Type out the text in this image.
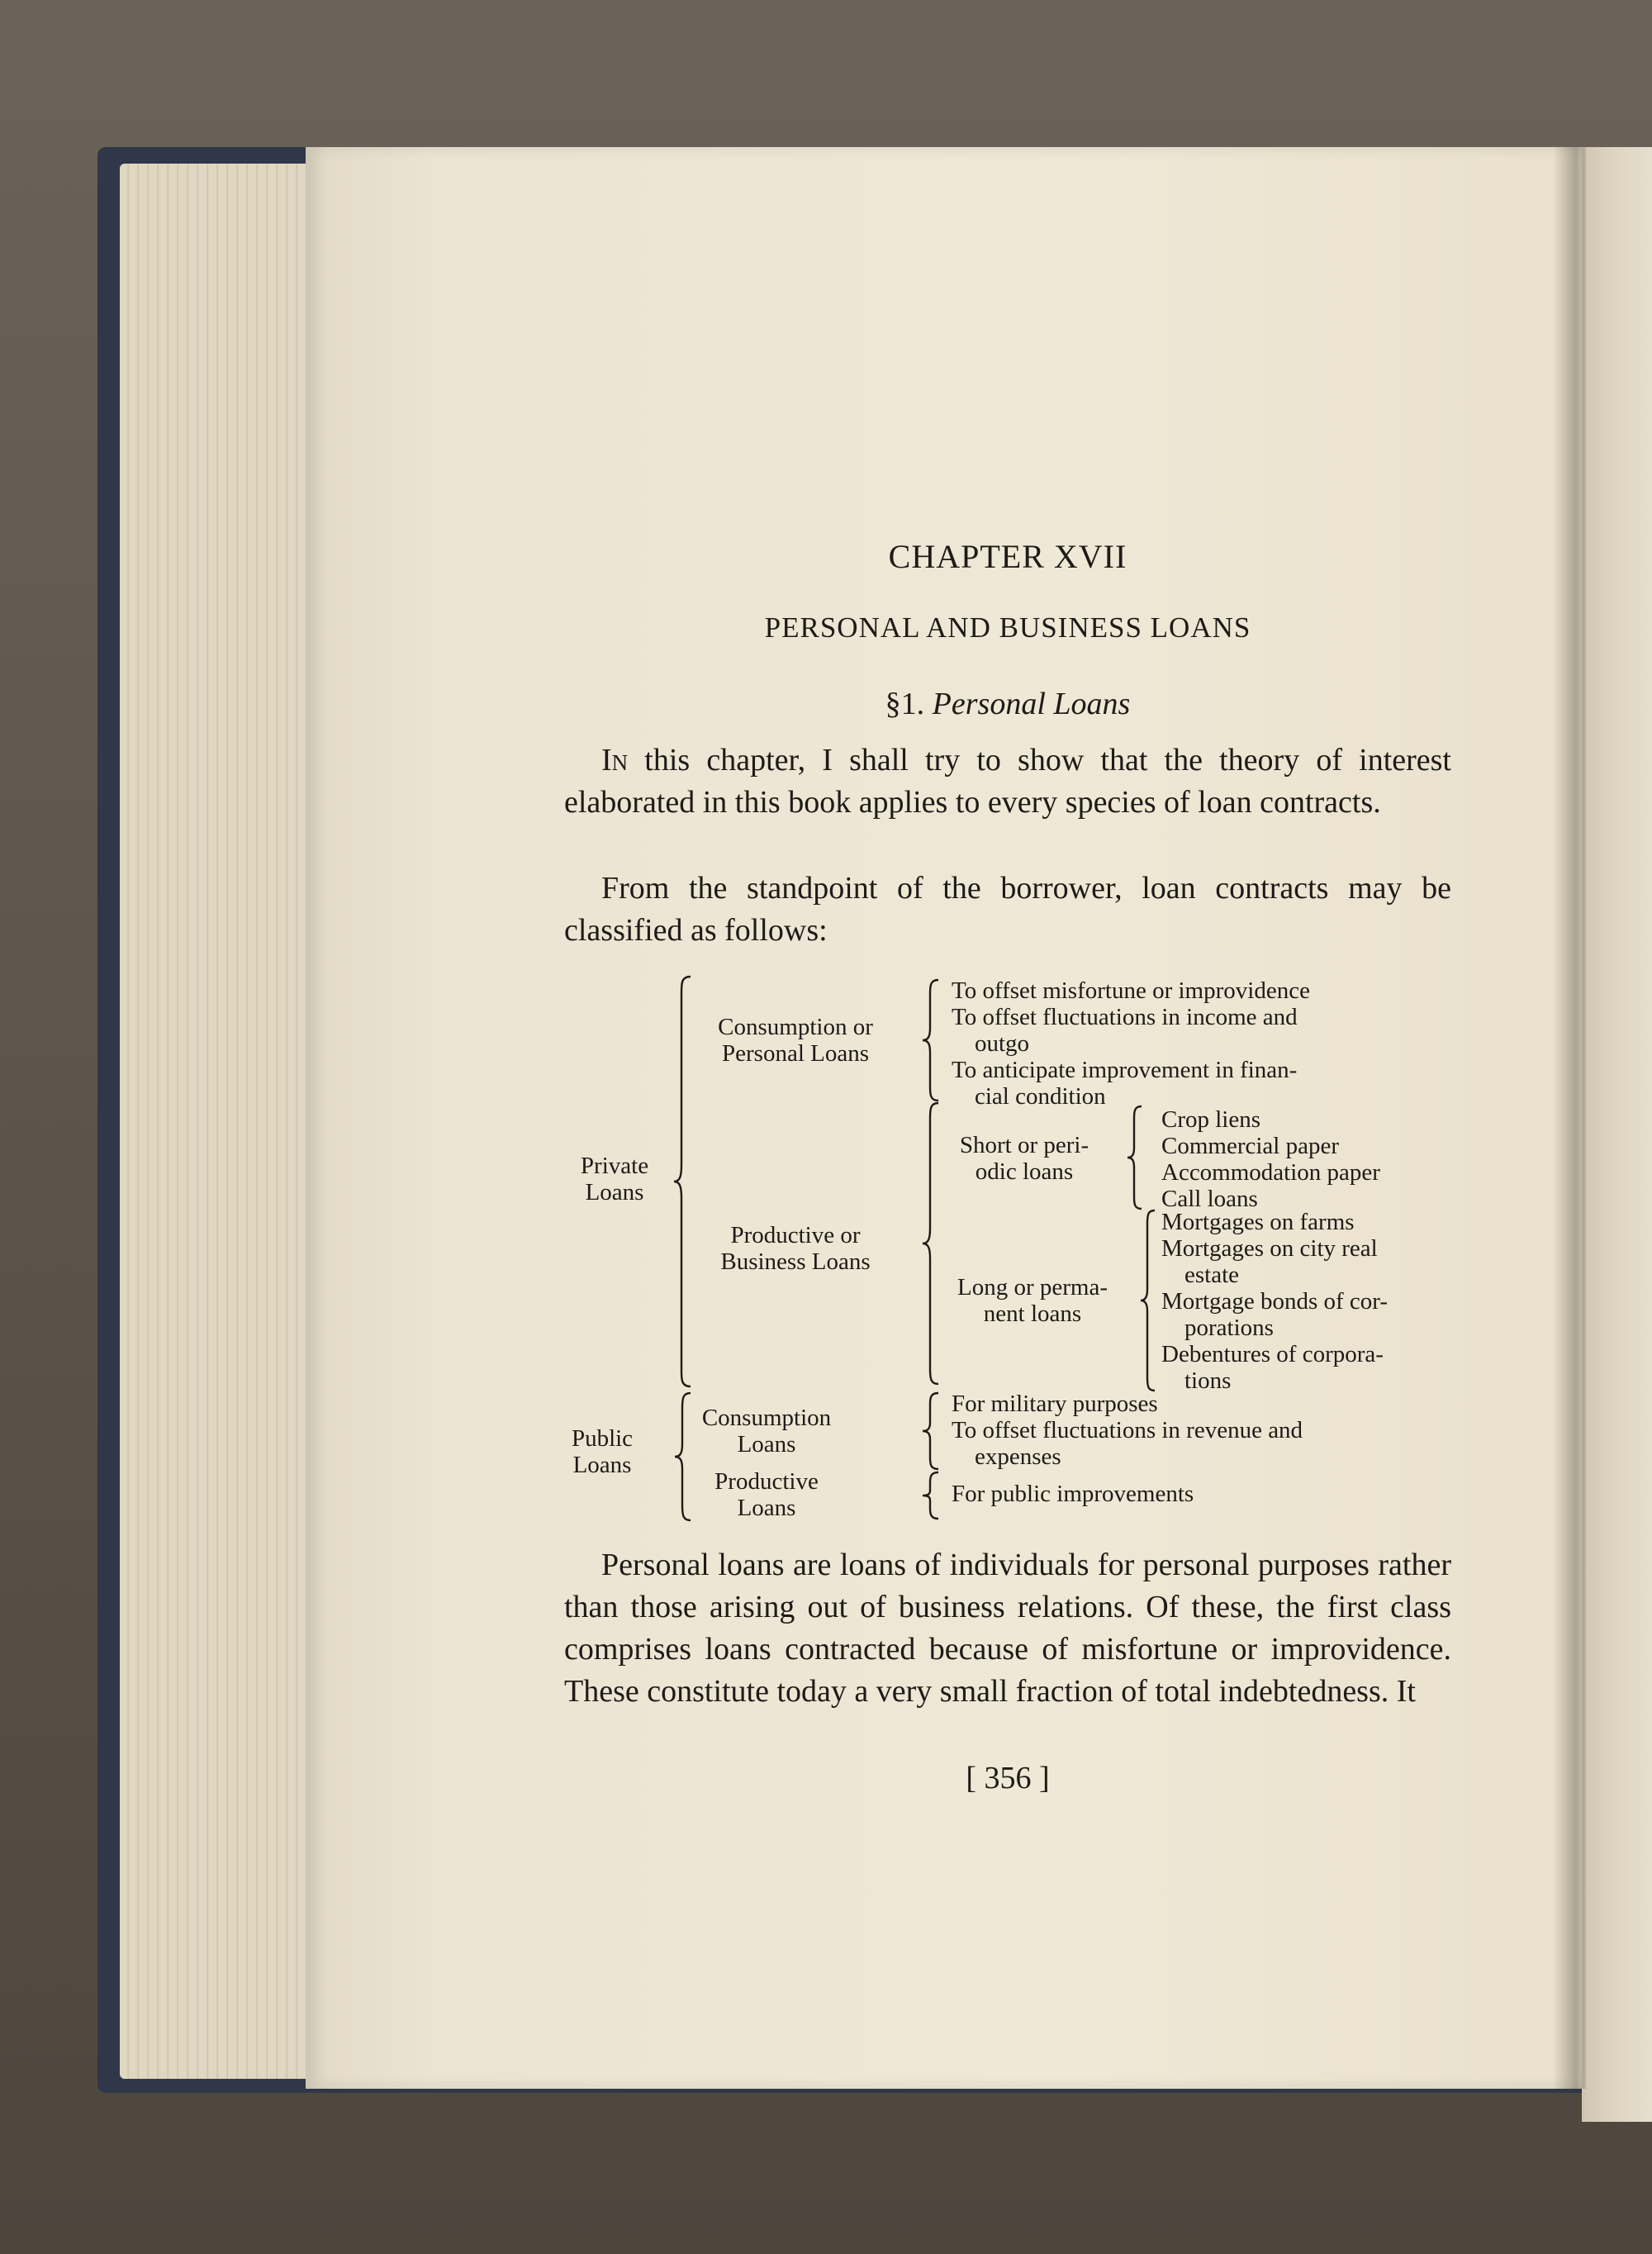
CHAPTER XVII
PERSONAL AND BUSINESS LOANS
§1. Personal Loans
In this chapter, I shall try to show that the theory of interest elaborated in this book applies to every species of loan contracts.
From the standpoint of the borrower, loan contracts may be classified as follows:
Private
Loans
Consumption or
Personal Loans
To offset misfortune or improvidence
To offset fluctuations in income and
outgo
To anticipate improvement in finan-
cial condition
Productive or
Business Loans
Short or peri-
odic loans
Crop liens
Commercial paper
Accommodation paper
Call loans
Long or perma-
nent loans
Mortgages on farms
Mortgages on city real
estate
Mortgage bonds of cor-
porations
Debentures of corpora-
tions
Public
Loans
Consumption
Loans
For military purposes
To offset fluctuations in revenue and
expenses
Productive
Loans
For public improvements
Personal loans are loans of individuals for personal purposes rather than those arising out of business relations. Of these, the first class comprises loans contracted because of misfortune or improvidence. These constitute today a very small fraction of total indebtedness. It
[ 356 ]
